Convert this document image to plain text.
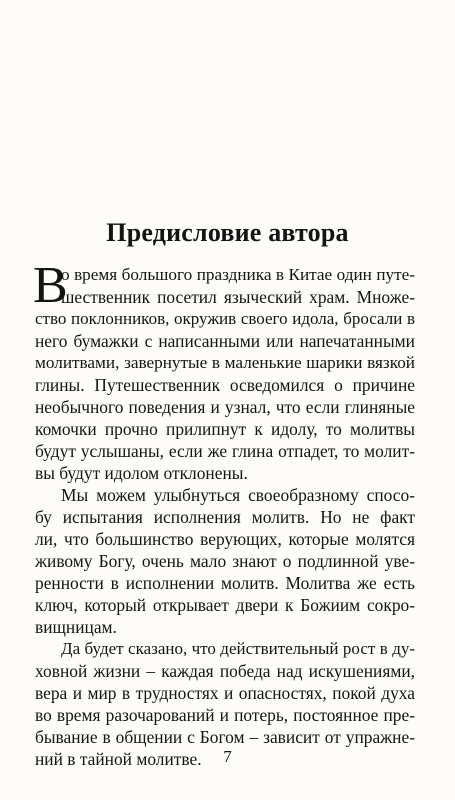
Предисловие автора
В
о время большого праздника в Китае один путе-
шественник посетил языческий храм. Множе-
ство поклонников, окружив своего идола, бросали в
него бумажки с написанными или напечатанными
молитвами, завернутые в маленькие шарики вязкой
глины. Путешественник осведомился о причине
необычного поведения и узнал, что если глиняные
комочки прочно прилипнут к идолу, то молитвы
будут услышаны, если же глина отпадет, то молит-
вы будут идолом отклонены.
Мы можем улыбнуться своеобразному спосо-
бу испытания исполнения молитв. Но не факт
ли, что большинство верующих, которые молятся
живому Богу, очень мало знают о подлинной уве-
ренности в исполнении молитв. Молитва же есть
ключ, который открывает двери к Божиим сокро-
вищницам.
Да будет сказано, что действительный рост в ду-
ховной жизни – каждая победа над искушениями,
вера и мир в трудностях и опасностях, покой духа
во время разочарований и потерь, постоянное пре-
бывание в общении с Богом – зависит от упражне-
ний в тайной молитве.	7
